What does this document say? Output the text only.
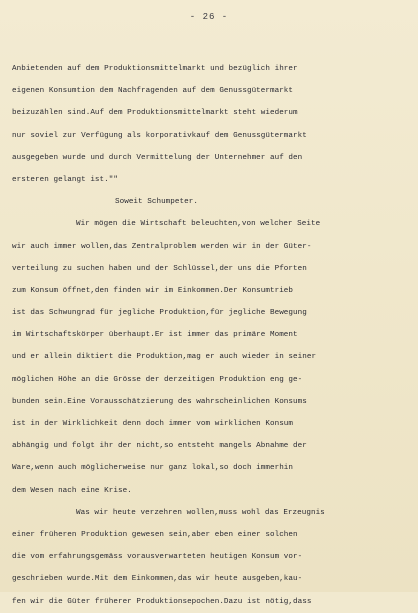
- 26 -
Anbietenden auf dem Produktionsmittelmarkt und bezüglich ihrer
eigenen Konsumtion dem Nachfragenden auf dem Genussgütermarkt
beizuzählen sind.Auf dem Produktionsmittelmarkt steht wiederum
nur soviel zur Verfügung als korporativkauf dem Genussgütermarkt
ausgegeben wurde und durch Vermittelung der Unternehmer auf den
ersteren gelangt ist.""
Soweit Schumpeter.
Wir mögen die Wirtschaft beleuchten,von welcher Seite
wir auch immer wollen,das Zentralproblem werden wir in der Güter-
verteilung zu suchen haben und der Schlüssel,der uns die Pforten
zum Konsum öffnet,den finden wir im Einkommen.Der Konsumtrieb
ist das Schwungrad für jegliche Produktion,für jegliche Bewegung
im Wirtschaftskörper überhaupt.Er ist immer das primäre Moment
und er allein diktiert die Produktion,mag er auch wieder in seiner
möglichen Höhe an die Grösse der derzeitigen Produktion eng ge-
bunden sein.Eine Vorausschätzierung des wahrscheinlichen Konsums
ist in der Wirklichkeit denn doch immer vom wirklichen Konsum
abhängig und folgt ihr der nicht,so entsteht mangels Abnahme der
Ware,wenn auch möglicherweise nur ganz lokal,so doch immerhin
dem Wesen nach eine Krise.
Was wir heute verzehren wollen,muss wohl das Erzeugnis
einer früheren Produktion gewesen sein,aber eben einer solchen
die vom erfahrungsgemäss vorausverwarteten heutigen Konsum vor-
geschrieben wurde.Mit dem Einkommen,das wir heute ausgeben,kau-
fen wir die Güter früherer Produktionsepochen.Dazu ist nötig,dass
